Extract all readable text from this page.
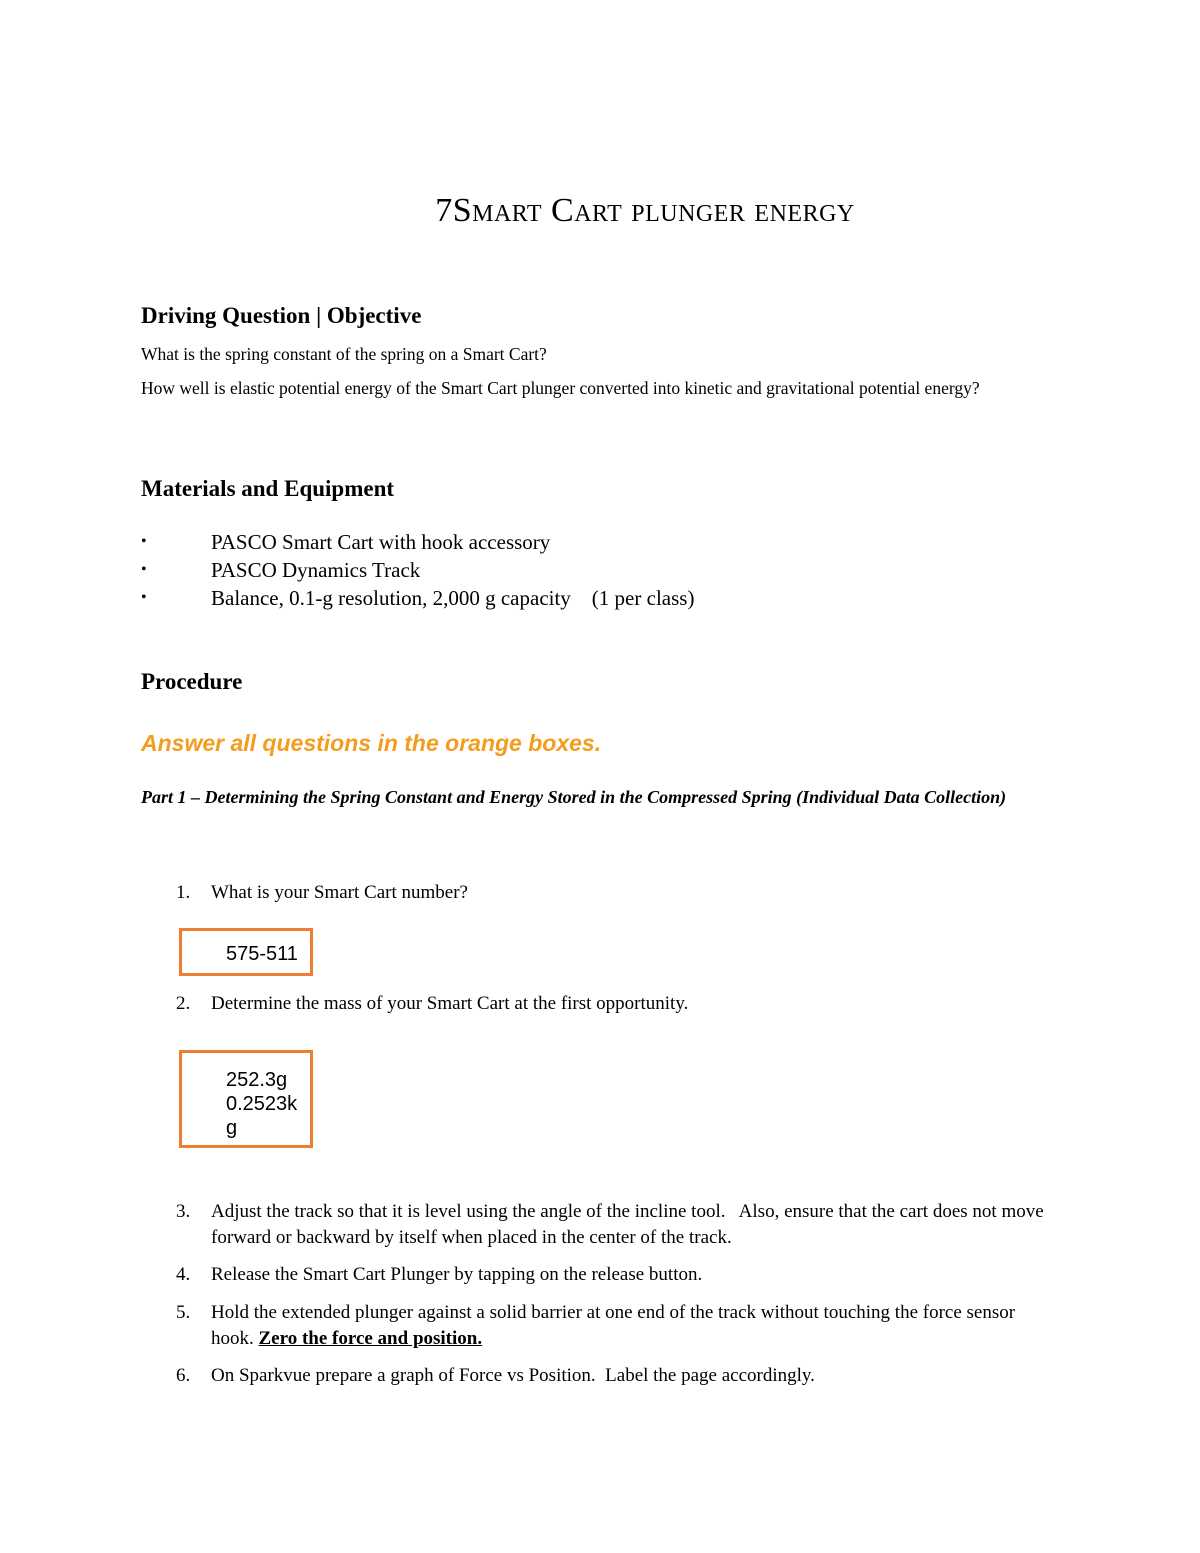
7Smart Cart plunger energy
Driving Question | Objective

What is the spring constant of the spring on a Smart Cart?

How well is elastic potential energy of the Smart Cart plunger converted into kinetic and gravitational potential energy?

Materials and Equipment
•	PASCO Smart Cart with hook accessory
•	PASCO Dynamics Track
•	Balance, 0.1-g resolution, 2,000 g capacity    (1 per class)
Procedure

Answer all questions in the orange boxes.

Part 1 – Determining the Spring Constant and Energy Stored in the Compressed Spring (Individual Data Collection)

1.	What is your Smart Cart number?
575-511
2.	Determine the mass of your Smart Cart at the first opportunity.
252.3g
0.2523k
g
3.	Adjust the track so that it is level using the angle of the incline tool.   Also, ensure that the cart does not move forward or backward by itself when placed in the center of the track.
4.	Release the Smart Cart Plunger by tapping on the release button.
5.	Hold the extended plunger against a solid barrier at one end of the track without touching the force sensor hook. Zero the force and position.
6.	On Sparkvue prepare a graph of Force vs Position.  Label the page accordingly.
